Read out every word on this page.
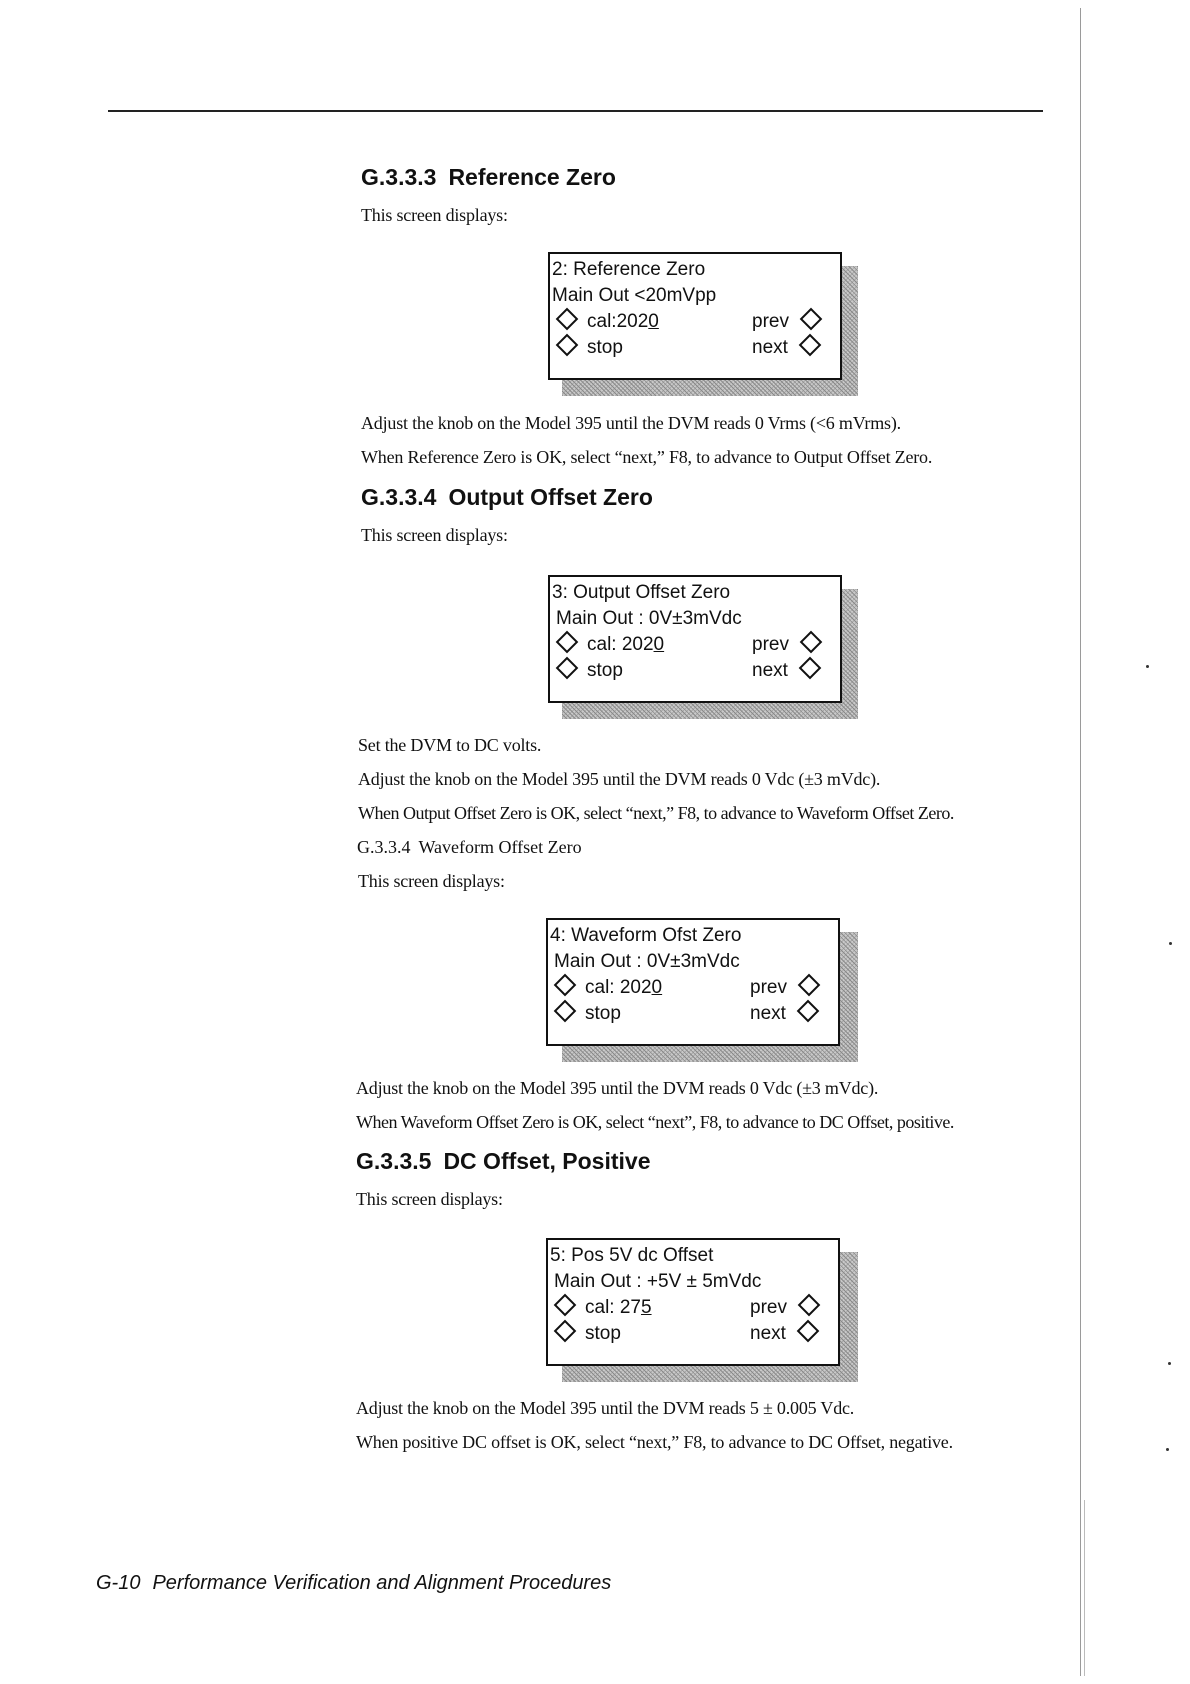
G.3.3.3 Reference Zero

This screen displays:

2: Reference Zero
Main Out <20mVpp
cal:2020	prev
stop	next

Adjust the knob on the Model 395 until the DVM reads 0 Vrms (<6 mVrms).

When Reference Zero is OK, select “next,” F8, to advance to Output Offset Zero.

G.3.3.4 Output Offset Zero

This screen displays:

3: Output Offset Zero
Main Out : 0V±3mVdc
cal: 2020	prev
stop	next

Set the DVM to DC volts.

Adjust the knob on the Model 395 until the DVM reads 0 Vdc (±3 mVdc).

When Output Offset Zero is OK, select “next,” F8, to advance to Waveform Offset Zero.

G.3.3.4 Waveform Offset Zero

This screen displays:

4: Waveform Ofst Zero
Main Out : 0V±3mVdc
cal: 2020	prev
stop	next

Adjust the knob on the Model 395 until the DVM reads 0 Vdc (±3 mVdc).

When Waveform Offset Zero is OK, select “next”, F8, to advance to DC Offset, positive.

G.3.3.5 DC Offset, Positive

This screen displays:

5: Pos 5V dc Offset
Main Out : +5V ± 5mVdc
cal: 275	prev
stop	next

Adjust the knob on the Model 395 until the DVM reads 5 ± 0.005 Vdc.

When positive DC offset is OK, select “next,” F8, to advance to DC Offset, negative.

G-10 Performance Verification and Alignment Procedures
